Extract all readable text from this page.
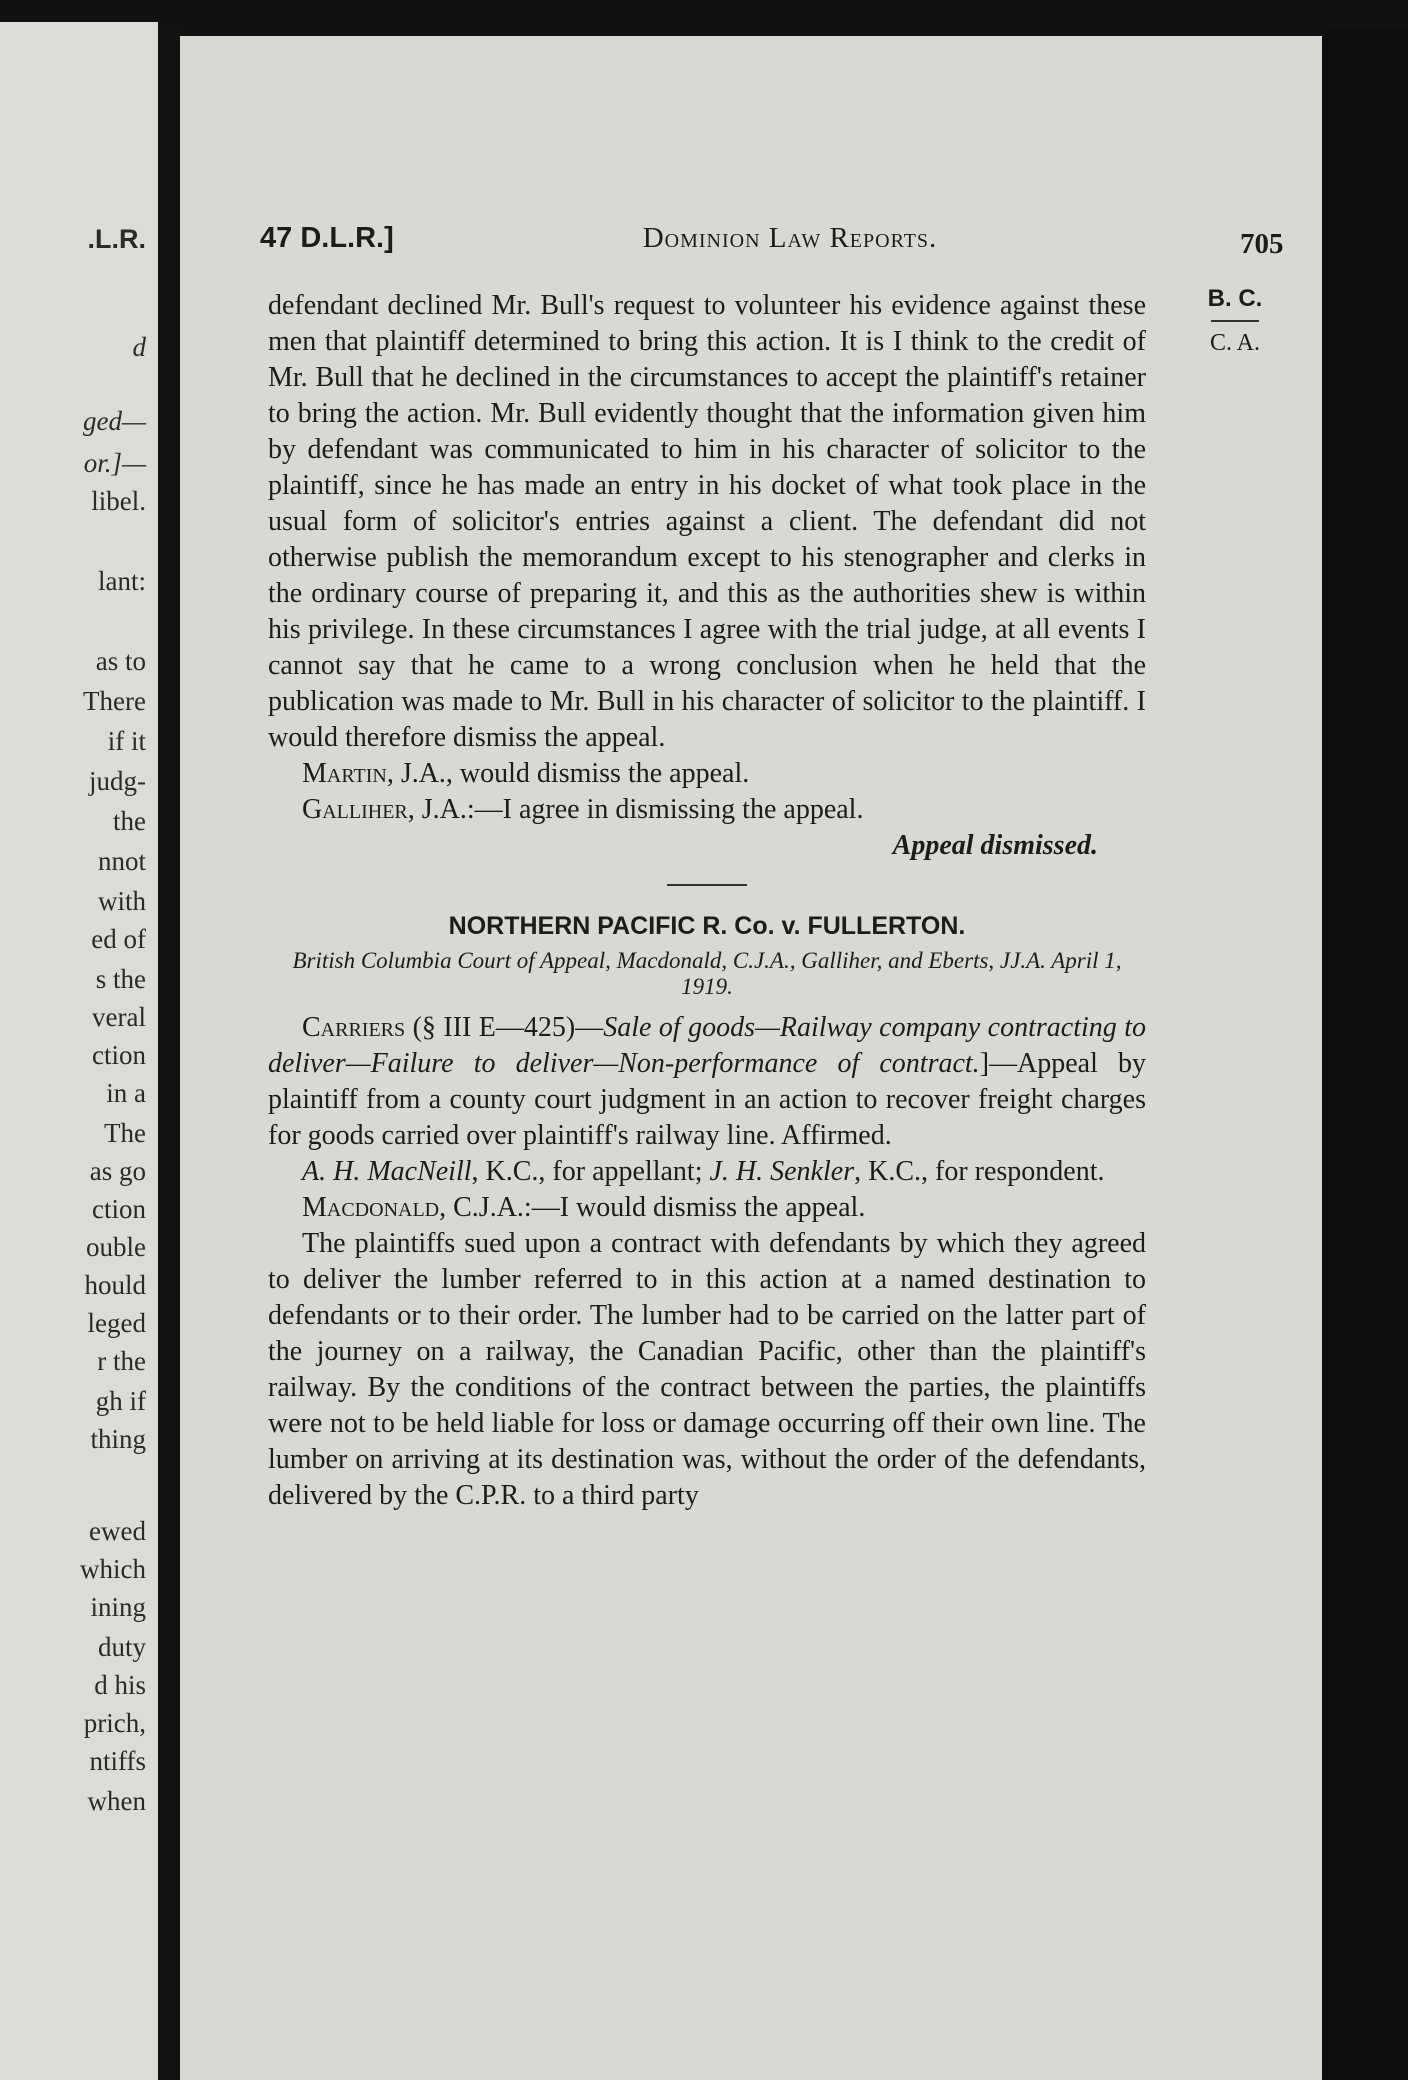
.L.R.
d
ged—
or.]—
libel.
lant:
as to
There
if it
judg-
the
nnot
with
ed of
s the
veral
ction
in a
The
as go
ction
ouble
hould
leged
r the
gh if
thing
ewed
which
ining
duty
d his
prich,
ntiffs
when
47 D.L.R.]	Dominion Law Reports.	705
B. C.
C. A.

defendant declined Mr. Bull's request to volunteer his evidence against these men that plaintiff determined to bring this action. It is I think to the credit of Mr. Bull that he declined in the circumstances to accept the plaintiff's retainer to bring the action. Mr. Bull evidently thought that the information given him by defendant was communicated to him in his character of solicitor to the plaintiff, since he has made an entry in his docket of what took place in the usual form of solicitor's entries against a client. The defendant did not otherwise publish the memorandum except to his stenographer and clerks in the ordinary course of preparing it, and this as the authorities shew is within his privilege. In these circumstances I agree with the trial judge, at all events I cannot say that he came to a wrong conclusion when he held that the publication was made to Mr. Bull in his character of solicitor to the plaintiff. I would therefore dismiss the appeal.

Martin, J.A., would dismiss the appeal.

Galliher, J.A.:—I agree in dismissing the appeal.

Appeal dismissed.

NORTHERN PACIFIC R. Co. v. FULLERTON.

British Columbia Court of Appeal, Macdonald, C.J.A., Galliher, and Eberts, JJ.A. April 1, 1919.

Carriers (§ III E—425)—Sale of goods—Railway company contracting to deliver—Failure to deliver—Non-performance of contract.]—Appeal by plaintiff from a county court judgment in an action to recover freight charges for goods carried over plaintiff's railway line. Affirmed.

A. H. MacNeill, K.C., for appellant; J. H. Senkler, K.C., for respondent.

Macdonald, C.J.A.:—I would dismiss the appeal.

The plaintiffs sued upon a contract with defendants by which they agreed to deliver the lumber referred to in this action at a named destination to defendants or to their order. The lumber had to be carried on the latter part of the journey on a railway, the Canadian Pacific, other than the plaintiff's railway. By the conditions of the contract between the parties, the plaintiffs were not to be held liable for loss or damage occurring off their own line. The lumber on arriving at its destination was, without the order of the defendants, delivered by the C.P.R. to a third party
